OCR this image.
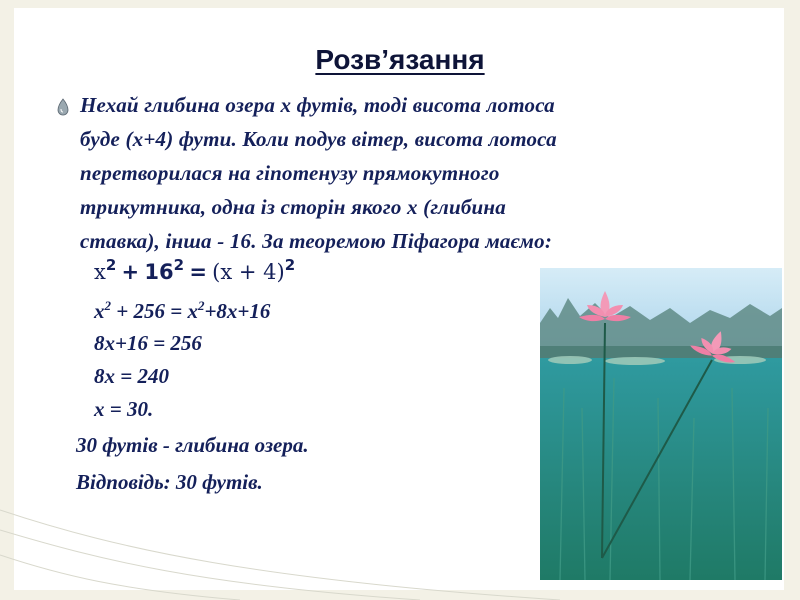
Розв’язання
Нехай глибина озера х футів, тоді висота лотоса
буде (х+4) фути. Коли подув вітер, висота лотоса
перетворилася на гіпотенузу прямокутного
трикутника, одна із сторін якого х (глибина
ставка), інша - 16. За теоремою Піфагора маємо:
$x^2 + 16^2 = (x + 4)^2$
$x^2 + 256 = x^2+8x+16$
8x+16 = 256
8x = 240
x = 30.
30 футів - глибина озера.
Відповідь: 30 футів.
